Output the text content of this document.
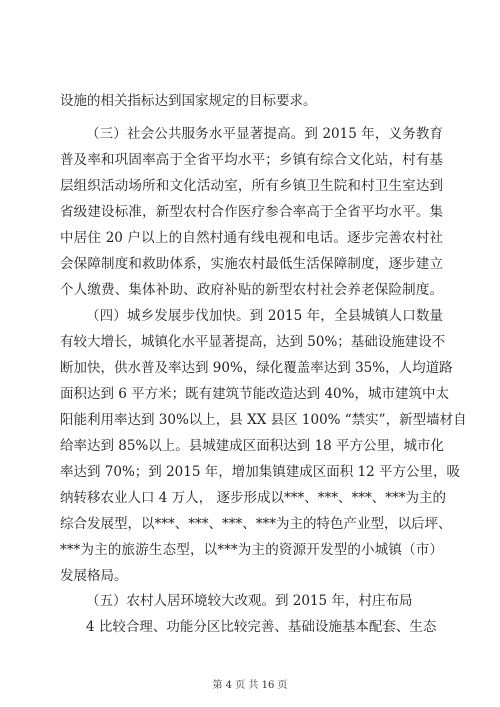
设施的相关指标达到国家规定的目标要求。
（三）社会公共服务水平显著提高。到 2015 年，义务教育
普及率和巩固率高于全省平均水平；乡镇有综合文化站，村有基
层组织活动场所和文化活动室，所有乡镇卫生院和村卫生室达到
省级建设标准，新型农村合作医疗参合率高于全省平均水平。集
中居住 20 户以上的自然村通有线电视和电话。逐步完善农村社
会保障制度和救助体系，实施农村最低生活保障制度，逐步建立
个人缴费、集体补助、政府补贴的新型农村社会养老保险制度。
（四）城乡发展步伐加快。到 2015 年，全县城镇人口数量
有较大增长，城镇化水平显著提高，达到 50%；基础设施建设不
断加快，供水普及率达到 90%，绿化覆盖率达到 35%，人均道路
面积达到 6 平方米；既有建筑节能改造达到 40%，城市建筑中太
阳能利用率达到 30%以上，县 XX 县区 100% “禁实”，新型墙材自
给率达到 85%以上。县城建成区面积达到 18 平方公里，城市化
率达到 70%；到 2015 年，增加集镇建成区面积 12 平方公里，吸
纳转移农业人口 4 万人， 逐步形成以***、***、***、***为主的
综合发展型，以***、***、***、***为主的特色产业型，以后坪、
***为主的旅游生态型，以***为主的资源开发型的小城镇（市）
发展格局。
（五）农村人居环境较大改观。到 2015 年，村庄布局
4 比较合理、功能分区比较完善、基础设施基本配套、生态
第 4 页 共 16 页
